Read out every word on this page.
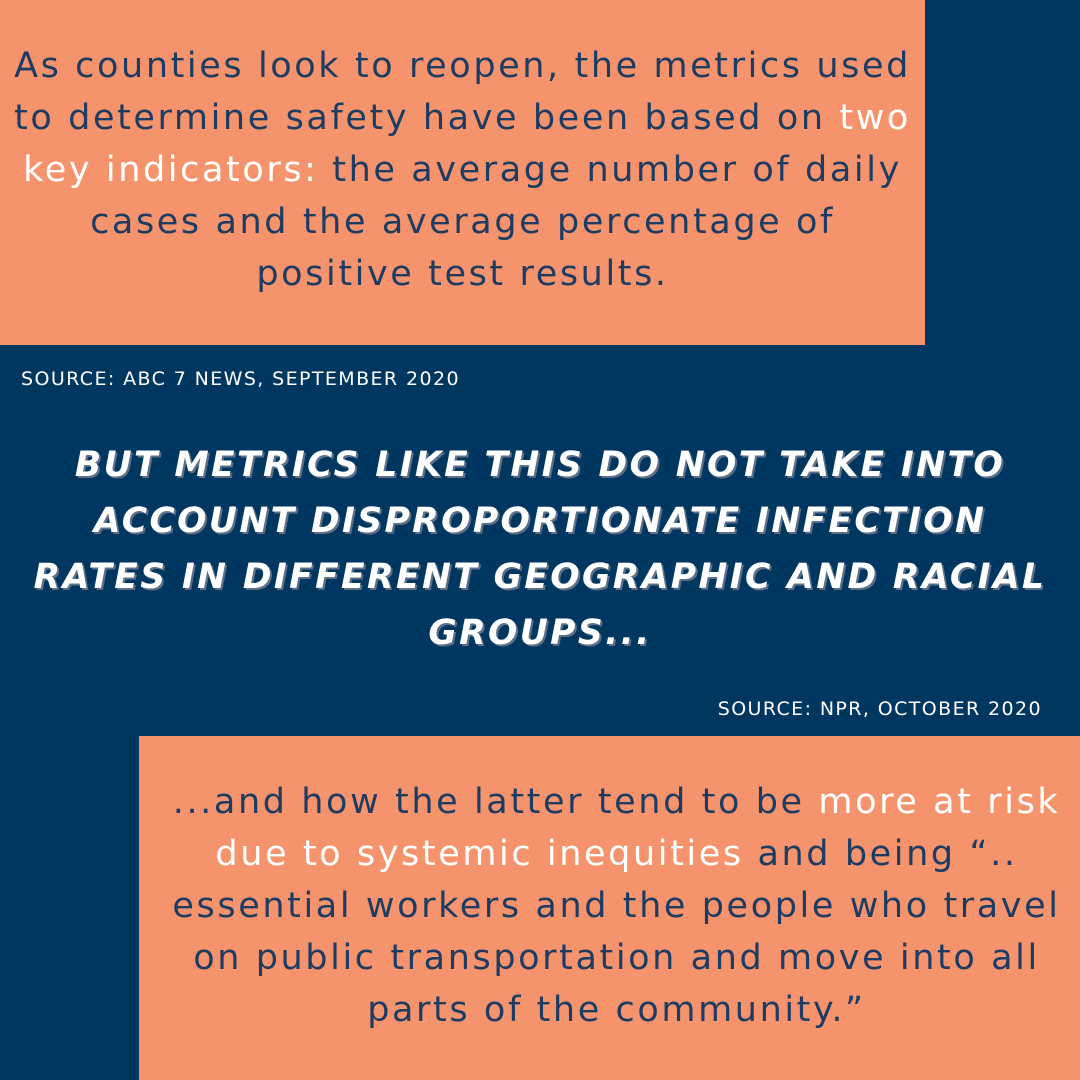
As counties look to reopen, the metrics used to determine safety have been based on two key indicators: the average number of daily cases and the average percentage of positive test results.

SOURCE: ABC 7 NEWS, SEPTEMBER 2020

BUT METRICS LIKE THIS DO NOT TAKE INTO ACCOUNT DISPROPORTIONATE INFECTION RATES IN DIFFERENT GEOGRAPHIC AND RACIAL GROUPS...

SOURCE: NPR, OCTOBER 2020

...and how the latter tend to be more at risk due to systemic inequities and being “.. essential workers and the people who travel on public transportation and move into all parts of the community.”
